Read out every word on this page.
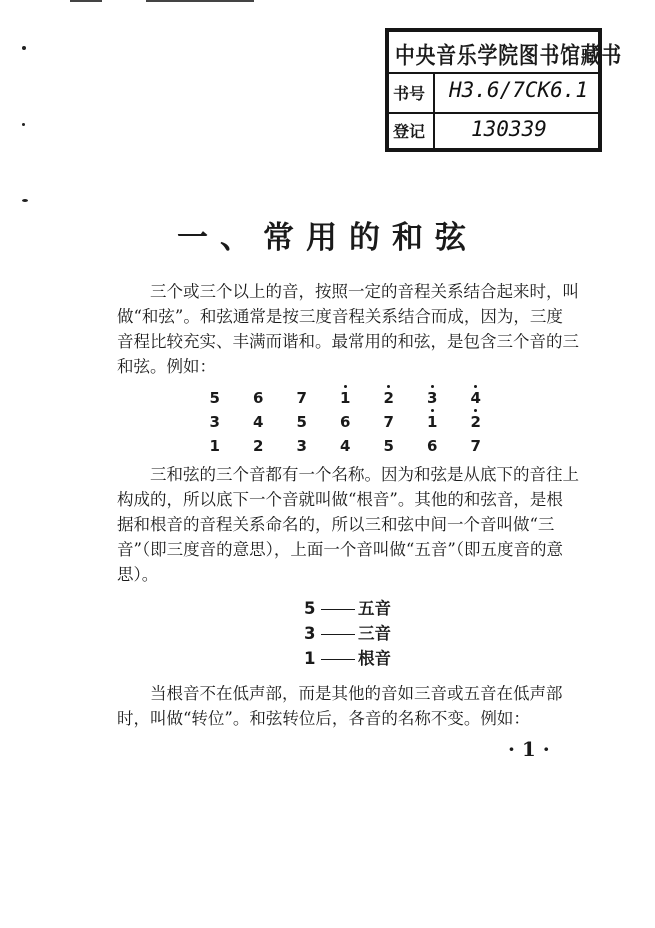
中央音乐学院图书馆藏书
书号 H3.6/7CK6.1
登记 130339
一、常用的和弦

三个或三个以上的音，按照一定的音程关系结合起来时，叫做“和弦”。和弦通常是按三度音程关系结合而成，因为，三度音程比较充实、丰满而谐和。最常用的和弦，是包含三个音的三和弦。例如：

5	6	7	1	2	3	4
3	4	5	6	7	1	2
1	2	3	4	5	6	7

三和弦的三个音都有一个名称。因为和弦是从底下的音往上构成的，所以底下一个音就叫做“根音”。其他的和弦音，是根据和根音的音程关系命名的，所以三和弦中间一个音叫做“三音”（即三度音的意思），上面一个音叫做“五音”（即五度音的意思）。

5	五音
3	三音
1	根音

当根音不在低声部，而是其他的音如三音或五音在低声部时，叫做“转位”。和弦转位后，各音的名称不变。例如：

· 1 ·
